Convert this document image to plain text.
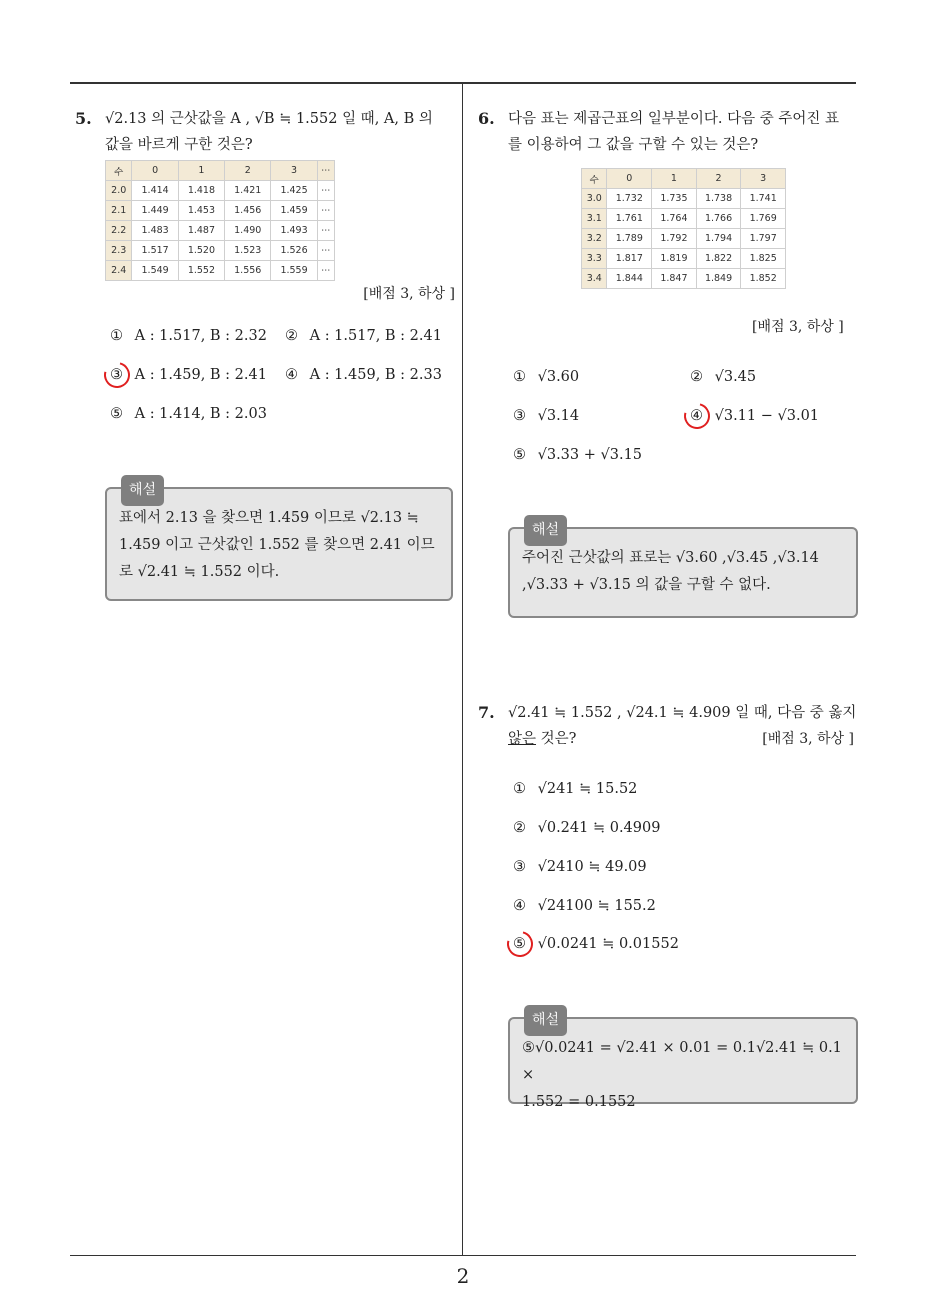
5. √2.13 의 근삿값을 A , √B ≒ 1.552 일 때, A, B 의
값을 바르게 구한 것은?
수	0	1	2	3	⋯
2.0	1.414	1.418	1.421	1.425	⋯
2.1	1.449	1.453	1.456	1.459	⋯
2.2	1.483	1.487	1.490	1.493	⋯
2.3	1.517	1.520	1.523	1.526	⋯
2.4	1.549	1.552	1.556	1.559	⋯
[배점 3, 하상 ]
① A : 1.517, B : 2.32 ② A : 1.517, B : 2.41
③ A : 1.459, B : 2.41 ④ A : 1.459, B : 2.33
⑤ A : 1.414, B : 2.03
해설
표에서 2.13 을 찾으면 1.459 이므로 √2.13 ≒
1.459 이고 근삿값인 1.552 를 찾으면 2.41 이므
로 √2.41 ≒ 1.552 이다.
6. 다음 표는 제곱근표의 일부분이다. 다음 중 주어진 표
를 이용하여 그 값을 구할 수 있는 것은?
수	0	1	2	3
3.0	1.732	1.735	1.738	1.741
3.1	1.761	1.764	1.766	1.769
3.2	1.789	1.792	1.794	1.797
3.3	1.817	1.819	1.822	1.825
3.4	1.844	1.847	1.849	1.852
[배점 3, 하상 ]
① √3.60	② √3.45
③ √3.14	④ √3.11 − √3.01
⑤ √3.33 + √3.15
해설
주어진 근삿값의 표로는 √3.60 ,√3.45 ,√3.14
,√3.33 + √3.15 의 값을 구할 수 없다.
7. √2.41 ≒ 1.552 , √24.1 ≒ 4.909 일 때, 다음 중 옳지
않은 것은?	[배점 3, 하상 ]
① √241 ≒ 15.52
② √0.241 ≒ 0.4909
③ √2410 ≒ 49.09
④ √24100 ≒ 155.2
⑤ √0.0241 ≒ 0.01552
해설
⑤√0.0241 = √2.41 × 0.01 = 0.1√2.41 ≒ 0.1 ×
1.552 = 0.1552
2
